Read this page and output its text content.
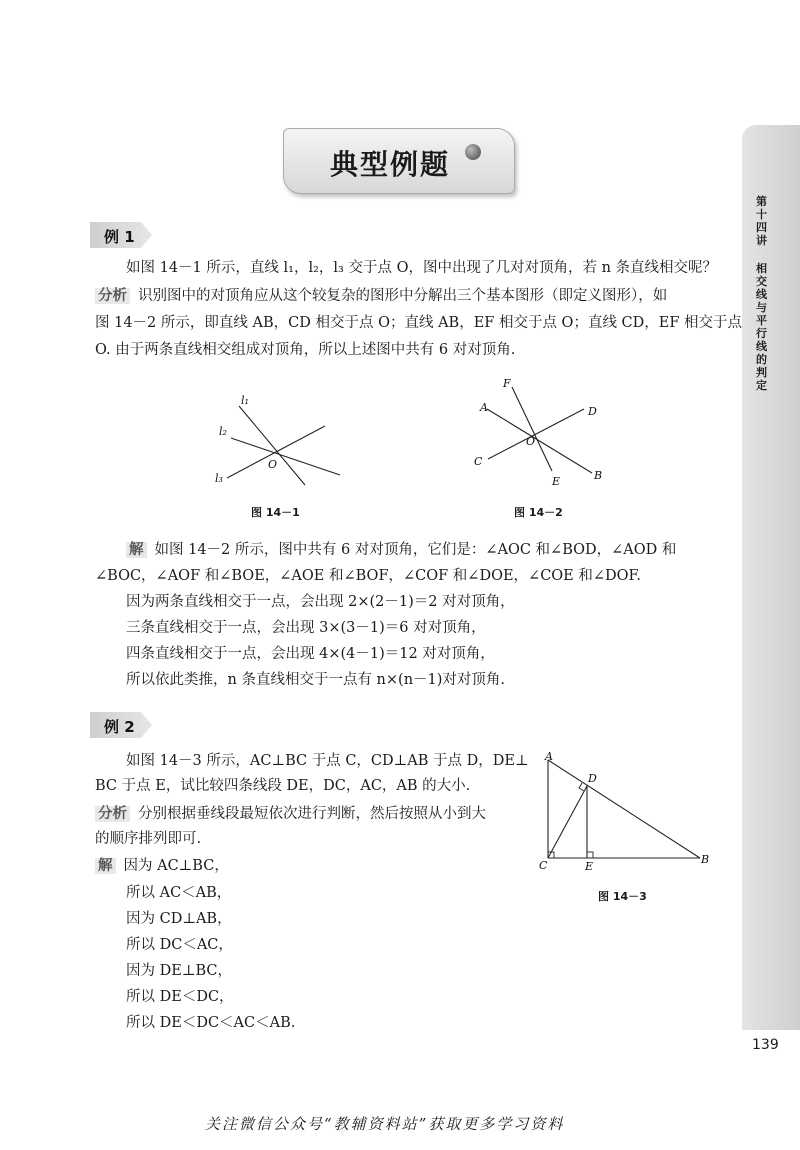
第十四讲
相交线与平行线的判定
139
典型例题
例 1
如图 14－1 所示，直线 l₁，l₂，l₃ 交于点 O，图中出现了几对对顶角，若 n 条直线相交呢？
分析 识别图中的对顶角应从这个较复杂的图形中分解出三个基本图形（即定义图形），如
图 14－2 所示，即直线 AB，CD 相交于点 O；直线 AB，EF 相交于点 O；直线 CD，EF 相交于点
O. 由于两条直线相交组成对顶角，所以上述图中共有 6 对对顶角.
l₁
l₂
l₃
O
图 14－1
A
B
C
D
E
F
O
图 14－2
解 如图 14－2 所示，图中共有 6 对对顶角，它们是：∠AOC 和∠BOD，∠AOD 和
∠BOC，∠AOF 和∠BOE，∠AOE 和∠BOF，∠COF 和∠DOE，∠COE 和∠DOF.
因为两条直线相交于一点，会出现 2×(2－1)＝2 对对顶角，
三条直线相交于一点，会出现 3×(3－1)＝6 对对顶角，
四条直线相交于一点，会出现 4×(4－1)＝12 对对顶角，
所以依此类推，n 条直线相交于一点有 n×(n－1)对对顶角.
例 2
如图 14－3 所示，AC⊥BC 于点 C，CD⊥AB 于点 D，DE⊥
BC 于点 E，试比较四条线段 DE，DC，AC，AB 的大小.
分析 分别根据垂线段最短依次进行判断，然后按照从小到大
的顺序排列即可.
解 因为 AC⊥BC，
所以 AC＜AB，
因为 CD⊥AB，
所以 DC＜AC，
因为 DE⊥BC，
所以 DE＜DC，
所以 DE＜DC＜AC＜AB.
A
B
C
D
E
图 14－3
关注微信公众号“教辅资料站”获取更多学习资料
